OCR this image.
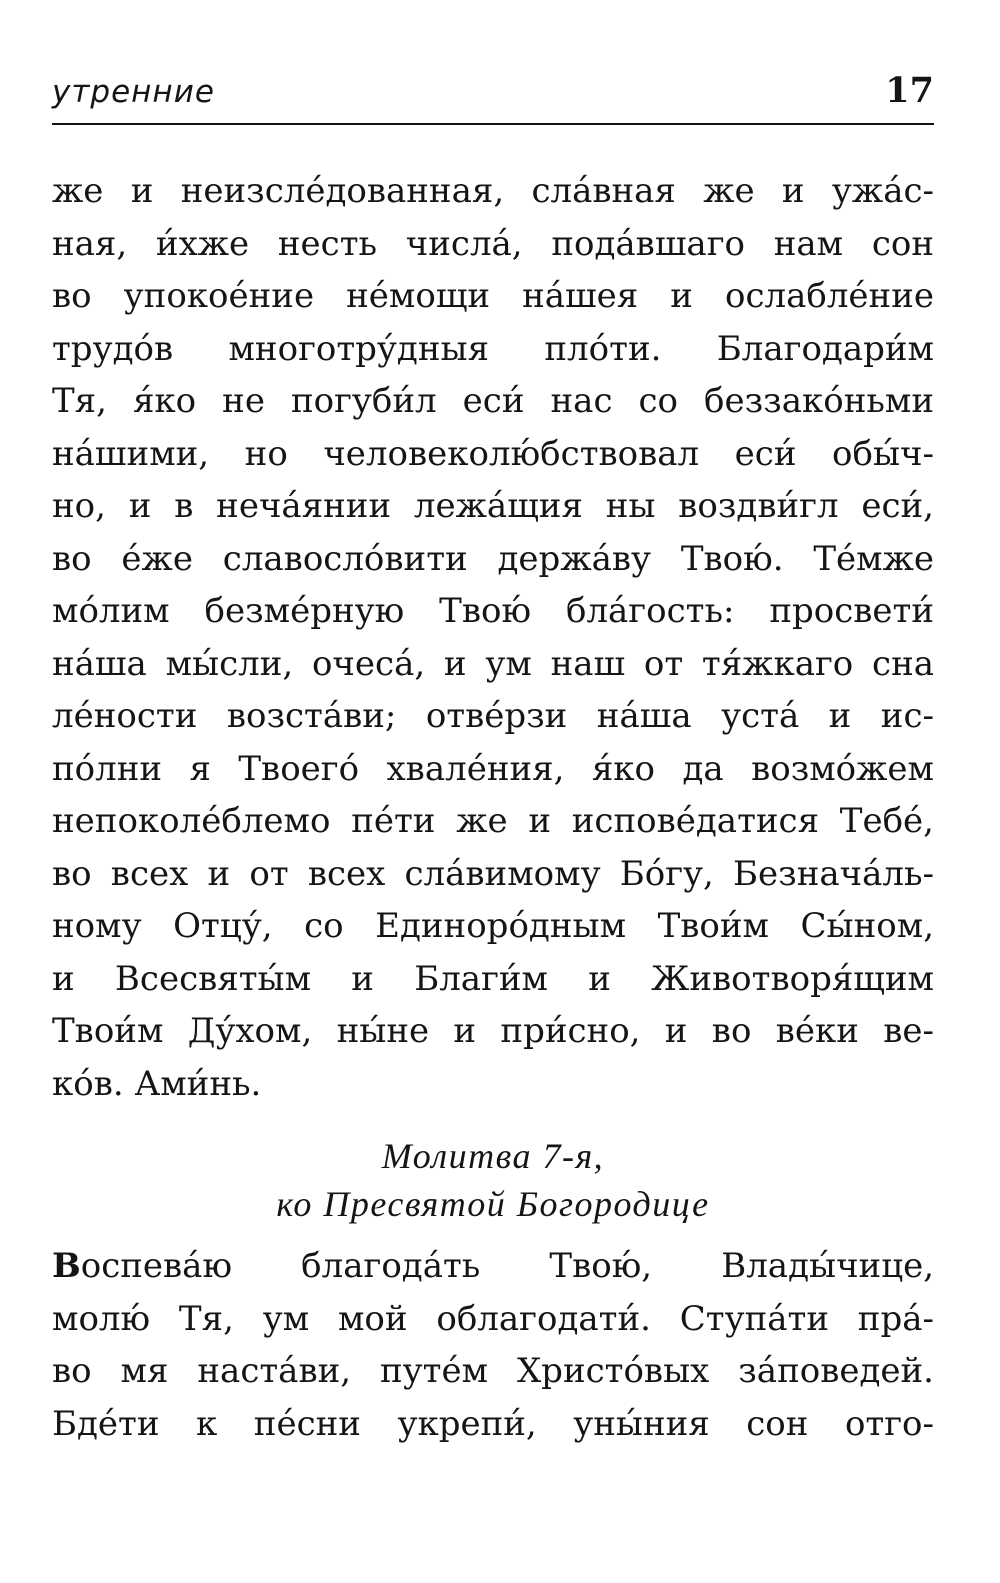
утренние	17
же и неизсле́дованная, сла́вная же и ужа́с-
ная, и́хже несть числа́, пода́вшаго нам сон
во упокое́ние не́мощи на́шея и ослабле́ние
трудо́в многотру́дныя пло́ти. Благодари́м
Тя, я́ко не погуби́л еси́ нас со беззако́ньми
на́шими, но человеколю́бствовал еси́ обы́ч-
но, и в неча́янии лежа́щия ны воздви́гл еси́,
во е́же славосло́вити держа́ву Твою́. Те́мже
мо́лим безме́рную Твою́ бла́гость: просвети́
на́ша мы́сли, очеса́, и ум наш от тя́жкаго сна
ле́ности возста́ви; отве́рзи на́ша уста́ и ис-
по́лни я Твоего́ хвале́ния, я́ко да возмо́жем
непоколе́блемо пе́ти же и испове́датися Тебе́,
во всех и от всех сла́вимому Бо́гу, Безнача́ль-
ному Отцу́, со Единоро́дным Твои́м Сы́ном,
и Всесвяты́м и Благи́м и Животворя́щим
Твои́м Ду́хом, ны́не и при́сно, и во ве́ки ве-
ко́в. Ами́нь.
Молитва 7-я,
ко Пресвятой Богородице
Воспева́ю благода́ть Твою́, Влады́чице,
молю́ Тя, ум мой облагодати́. Ступа́ти пра́-
во мя наста́ви, путе́м Христо́вых за́поведей.
Бде́ти к пе́сни укрепи́, уны́ния сон отго-
